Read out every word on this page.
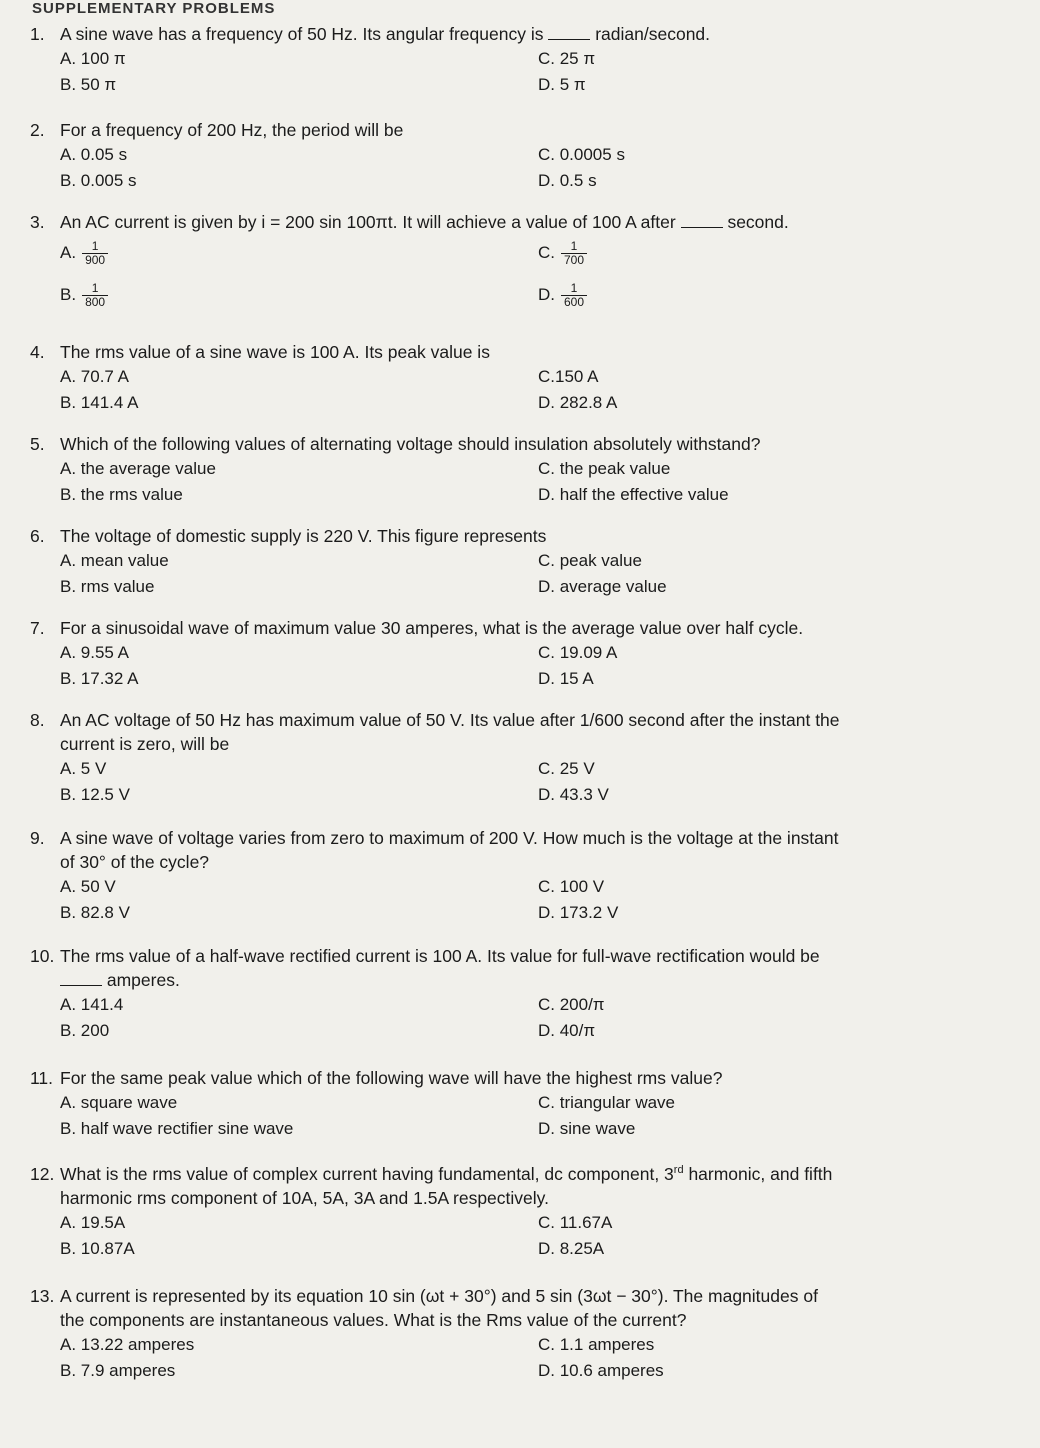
SUPPLEMENTARY PROBLEMS
1. A sine wave has a frequency of 50 Hz. Its angular frequency is	radian/second.
A. 100 π
B. 50 π
C. 25 π
D. 5 π
2. For a frequency of 200 Hz, the period will be
A. 0.05 s
B. 0.005 s
C. 0.0005 s
D. 0.5 s
3. An AC current is given by i = 200 sin 100πt. It will achieve a value of 100 A after	second.
A. $\frac{1}{900}$
B. $\frac{1}{800}$
C. $\frac{1}{700}$
D. $\frac{1}{600}$
4. The rms value of a sine wave is 100 A. Its peak value is
A. 70.7 A
B. 141.4 A
C.150 A
D. 282.8 A
5. Which of the following values of alternating voltage should insulation absolutely withstand?
A. the average value
B. the rms value
C. the peak value
D. half the effective value
6. The voltage of domestic supply is 220 V. This figure represents
A. mean value
B. rms value
C. peak value
D. average value
7. For a sinusoidal wave of maximum value 30 amperes, what is the average value over half cycle.
A. 9.55 A
B. 17.32 A
C. 19.09 A
D. 15 A
8. An AC voltage of 50 Hz has maximum value of 50 V. Its value after 1/600 second after the instant the
current is zero, will be
A. 5 V
B. 12.5 V
C. 25 V
D. 43.3 V
9. A sine wave of voltage varies from zero to maximum of 200 V. How much is the voltage at the instant
of 30° of the cycle?
A. 50 V
B. 82.8 V
C. 100 V
D. 173.2 V
10. The rms value of a half-wave rectified current is 100 A. Its value for full-wave rectification would be
amperes.
A. 141.4
B. 200
C. 200/π
D. 40/π
11. For the same peak value which of the following wave will have the highest rms value?
A. square wave
B. half wave rectifier sine wave
C. triangular wave
D. sine wave
12. What is the rms value of complex current having fundamental, dc component, 3rd harmonic, and fifth
harmonic rms component of 10A, 5A, 3A and 1.5A respectively.
A. 19.5A
B. 10.87A
C. 11.67A
D. 8.25A
13. A current is represented by its equation 10 sin (ωt + 30°) and 5 sin (3ωt − 30°). The magnitudes of
the components are instantaneous values. What is the Rms value of the current?
A. 13.22 amperes
B. 7.9 amperes
C. 1.1 amperes
D. 10.6 amperes
